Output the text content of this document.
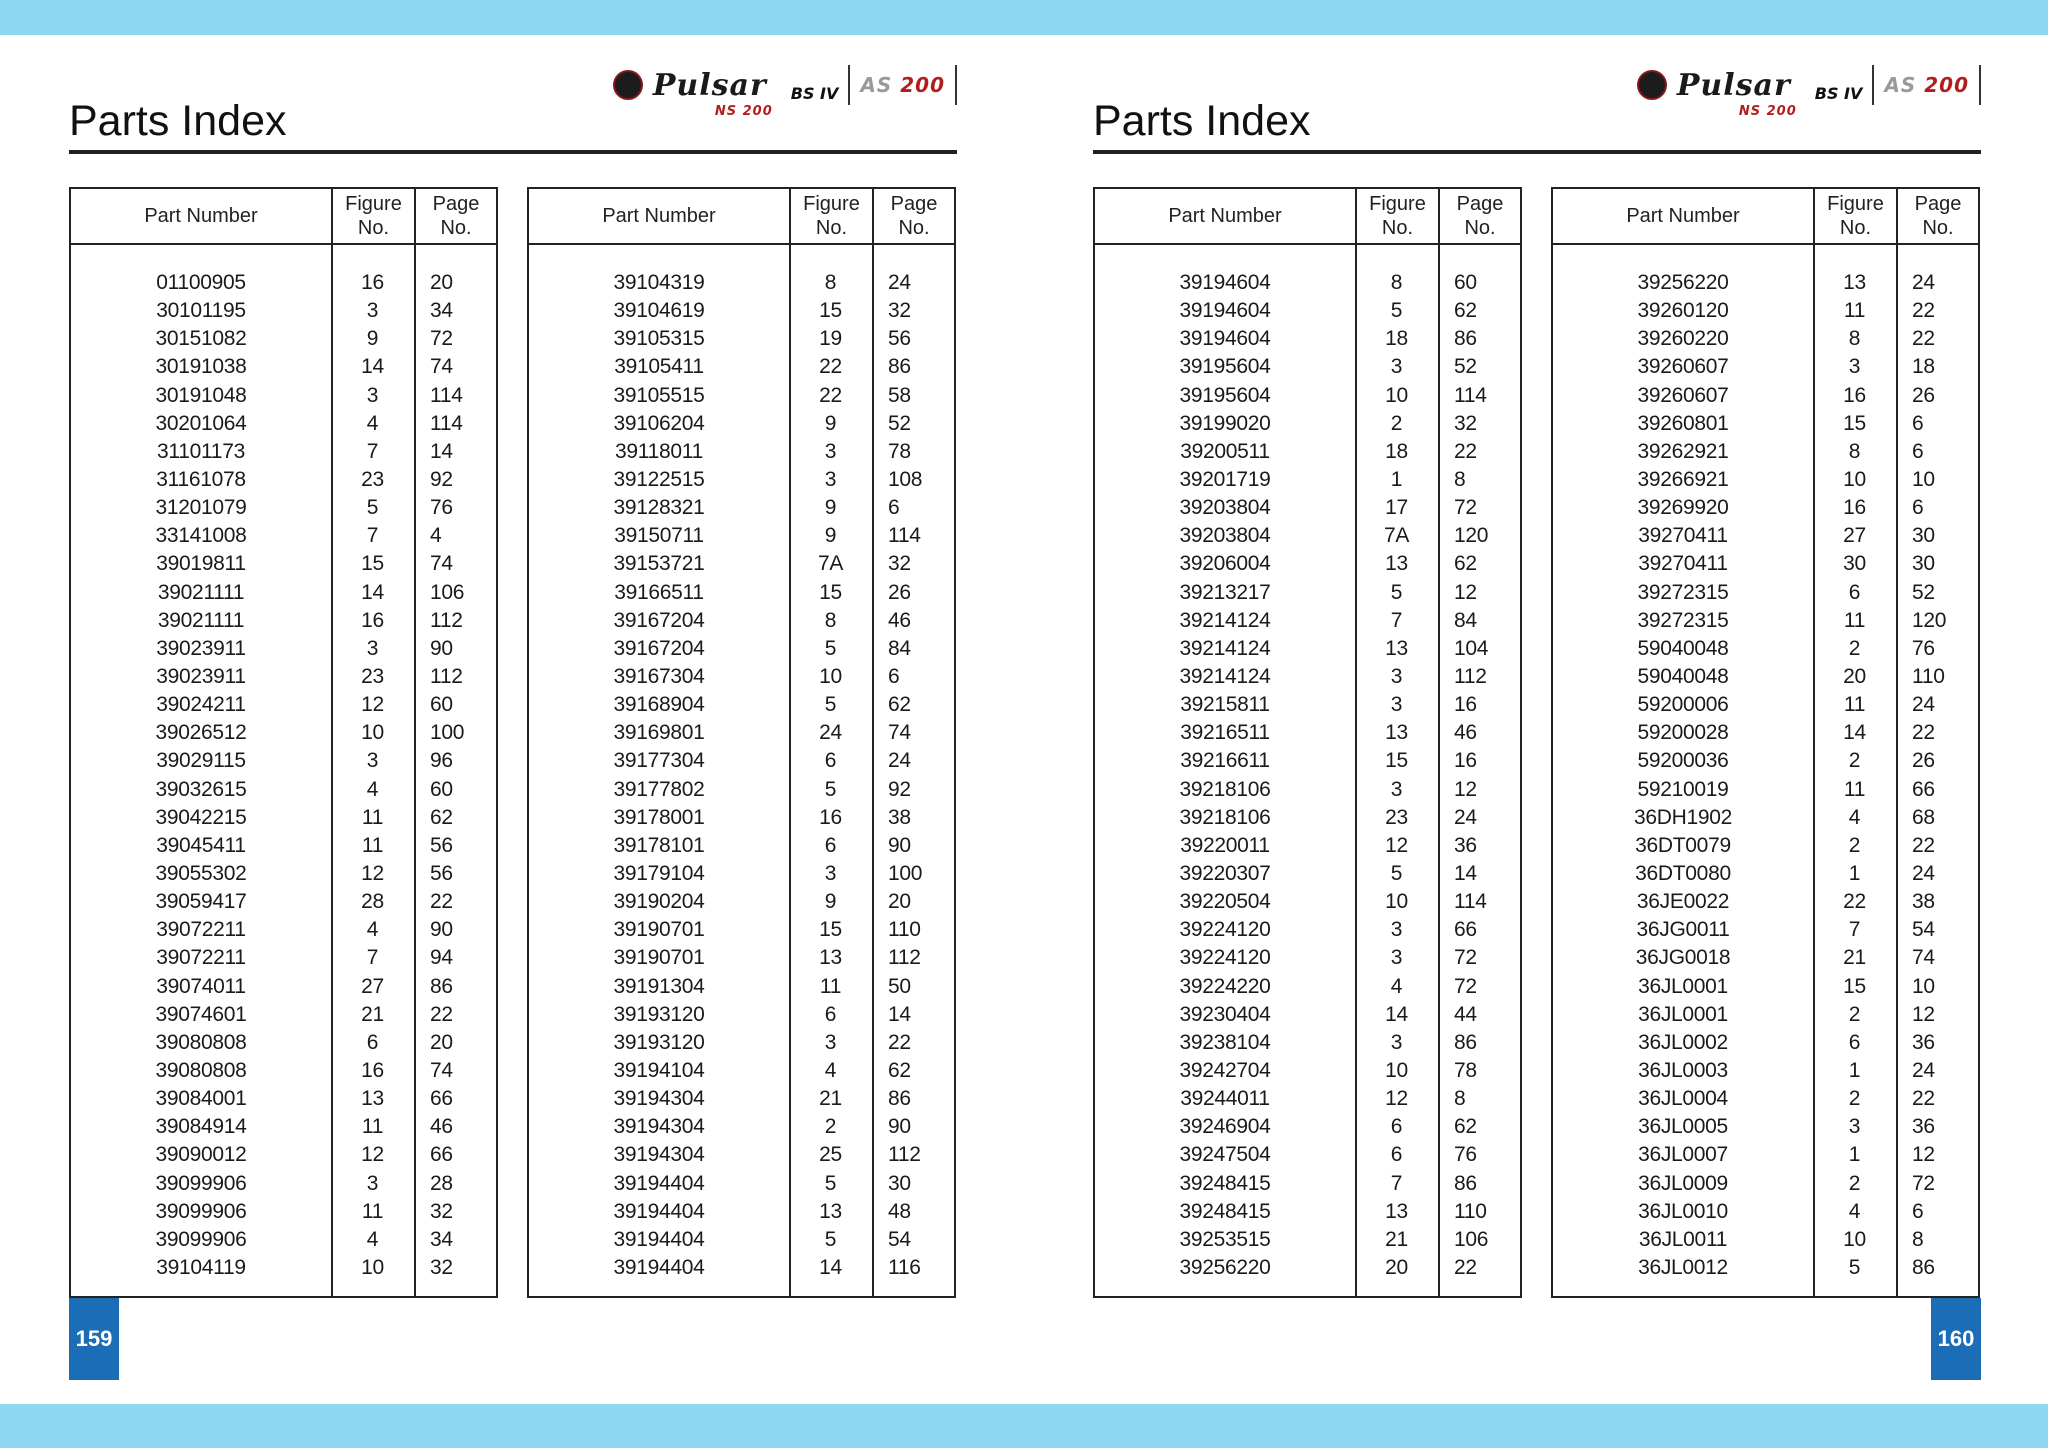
Parts Index
Pulsar
NS 200
BS IV AS 200
Part Number
Figure
No.
Page
No.
01100905	16	20
30101195	3	34
30151082	9	72
30191038	14	74
30191048	3	114
30201064	4	114
31101173	7	14
31161078	23	92
31201079	5	76
33141008	7	4
39019811	15	74
39021111	14	106
39021111	16	112
39023911	3	90
39023911	23	112
39024211	12	60
39026512	10	100
39029115	3	96
39032615	4	60
39042215	11	62
39045411	11	56
39055302	12	56
39059417	28	22
39072211	4	90
39072211	7	94
39074011	27	86
39074601	21	22
39080808	6	20
39080808	16	74
39084001	13	66
39084914	11	46
39090012	12	66
39099906	3	28
39099906	11	32
39099906	4	34
39104119	10	32
Part Number
Figure
No.
Page
No.
39104319	8	24
39104619	15	32
39105315	19	56
39105411	22	86
39105515	22	58
39106204	9	52
39118011	3	78
39122515	3	108
39128321	9	6
39150711	9	114
39153721	7A	32
39166511	15	26
39167204	8	46
39167204	5	84
39167304	10	6
39168904	5	62
39169801	24	74
39177304	6	24
39177802	5	92
39178001	16	38
39178101	6	90
39179104	3	100
39190204	9	20
39190701	15	110
39190701	13	112
39191304	11	50
39193120	6	14
39193120	3	22
39194104	4	62
39194304	21	86
39194304	2	90
39194304	25	112
39194404	5	30
39194404	13	48
39194404	5	54
39194404	14	116
159
Parts Index
Pulsar
NS 200
BS IV AS 200
Part Number
Figure
No.
Page
No.
39194604	8	60
39194604	5	62
39194604	18	86
39195604	3	52
39195604	10	114
39199020	2	32
39200511	18	22
39201719	1	8
39203804	17	72
39203804	7A	120
39206004	13	62
39213217	5	12
39214124	7	84
39214124	13	104
39214124	3	112
39215811	3	16
39216511	13	46
39216611	15	16
39218106	3	12
39218106	23	24
39220011	12	36
39220307	5	14
39220504	10	114
39224120	3	66
39224120	3	72
39224220	4	72
39230404	14	44
39238104	3	86
39242704	10	78
39244011	12	8
39246904	6	62
39247504	6	76
39248415	7	86
39248415	13	110
39253515	21	106
39256220	20	22
Part Number
Figure
No.
Page
No.
39256220	13	24
39260120	11	22
39260220	8	22
39260607	3	18
39260607	16	26
39260801	15	6
39262921	8	6
39266921	10	10
39269920	16	6
39270411	27	30
39270411	30	30
39272315	6	52
39272315	11	120
59040048	2	76
59040048	20	110
59200006	11	24
59200028	14	22
59200036	2	26
59210019	11	66
36DH1902	4	68
36DT0079	2	22
36DT0080	1	24
36JE0022	22	38
36JG0011	7	54
36JG0018	21	74
36JL0001	15	10
36JL0001	2	12
36JL0002	6	36
36JL0003	1	24
36JL0004	2	22
36JL0005	3	36
36JL0007	1	12
36JL0009	2	72
36JL0010	4	6
36JL0011	10	8
36JL0012	5	86
160
